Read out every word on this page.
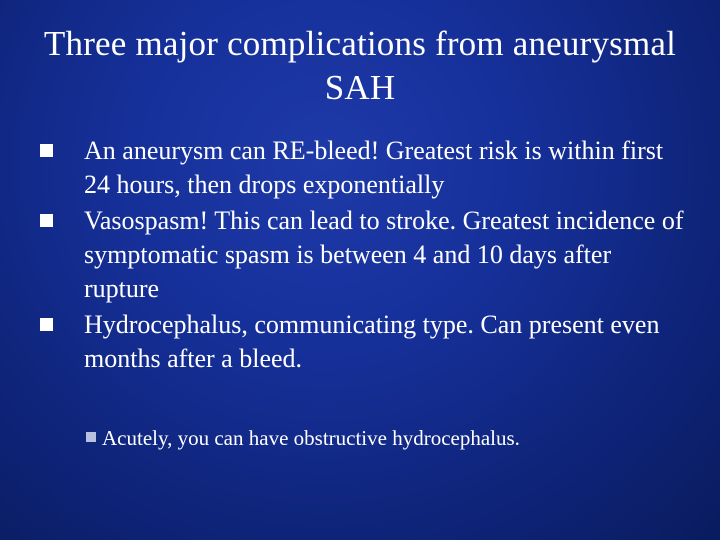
Three major complications from aneurysmal SAH
An aneurysm can RE-bleed! Greatest risk is within first 24 hours, then drops exponentially
Vasospasm! This can lead to stroke. Greatest incidence of symptomatic spasm is between 4 and 10 days after rupture
Hydrocephalus, communicating type. Can present even months after a bleed.
Acutely, you can have obstructive hydrocephalus.
